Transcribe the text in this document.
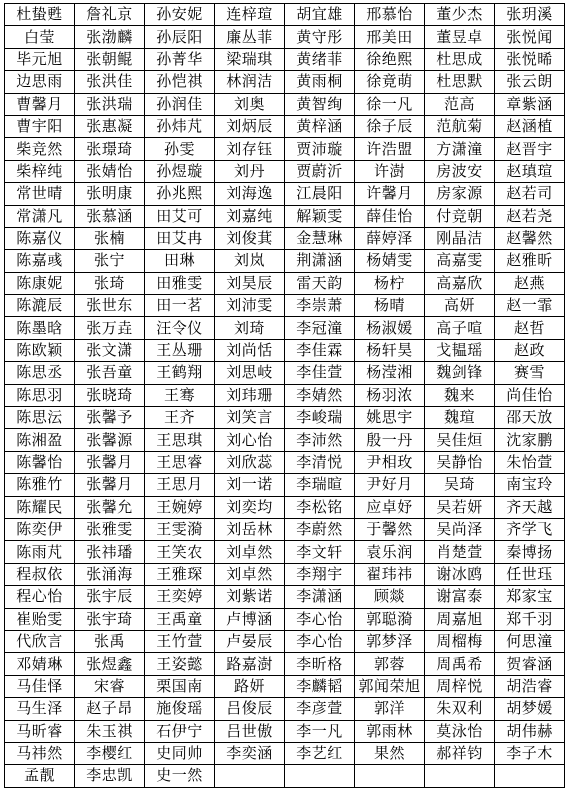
杜蛰甦	詹礼京	孙安妮	连梓瑄	胡宜雄	邢慕怡	董少杰	张玥溪
白莹	张渤麟	孙辰阳	廉丛菲	黄守彤	邢美田	董昱卓	张悦闻
毕元旭	张朝鲲	孙菁华	梁瑞琪	黄绪菲	徐绝熙	杜思成	张悦晞
边思雨	张洪佳	孙恺祺	林润洁	黄雨桐	徐竟萌	杜思默	张云朗
曹馨月	张洪瑞	孙润佳	刘奥	黄智绚	徐一凡	范高	章紫涵
曹宇阳	张惠凝	孙炜芃	刘炳辰	黄梓涵	徐子辰	范航菊	赵涵植
柴竞然	张璟琦	孙雯	刘存钰	贾沛璇	许浩盟	方潇潼	赵晋宇
柴梓纯	张婧怡	孙煜璇	刘丹	贾蔚沂	许澍	房波安	赵瑱瑄
常世晴	张明康	孙兆熙	刘海逸	江晨阳	许馨月	房家源	赵若司
常潇凡	张慕涵	田艾可	刘嘉纯	解颖雯	薛佳怡	付竞朝	赵若尧
陈嘉仪	张楠	田艾冉	刘俊萁	金慧琳	薛婷泽	刚晶洁	赵馨然
陈嘉彧	张宁	田琳	刘岚	荆潇涵	杨婧雯	高嘉雯	赵雅昕
陈康妮	张琦	田雅雯	刘昊辰	雷天韵	杨柠	高嘉欣	赵燕
陈漉辰	张世东	田一茗	刘沛雯	李崇萧	杨晴	高妍	赵一霏
陈墨晗	张万垚	汪令仪	刘琦	李冠潼	杨淑媛	高子喧	赵哲
陈欧颖	张文潇	王丛珊	刘尚恬	李佳霖	杨轩昊	戈韫瑶	赵政
陈思丞	张吾童	王鹤翔	刘思岐	李佳萱	杨滢湘	魏剑锋	赛雪
陈思羽	张晓琦	王骞	刘玮珊	李婧然	杨羽浓	魏来	尚佳怡
陈思沄	张馨予	王齐	刘笑言	李峻瑞	姚思宇	魏瑄	邵天放
陈湘盈	张馨源	王思琪	刘心怡	李沛然	殷一丹	吴佳烜	沈家鹏
陈馨怡	张馨月	王思睿	刘欣蕊	李清悦	尹相玫	吴静怡	朱怡萱
陈雅竹	张馨月	王思月	刘一诺	李瑞暄	尹好月	吴琦	南宝玲
陈耀民	张馨允	王婉婷	刘奕均	李松铭	应卓妤	吴若妍	齐天越
陈奕伊	张雅雯	王雯漪	刘岳林	李蔚然	于馨然	吴尚泽	齐学飞
陈雨芃	张祎璠	王笑农	刘卓然	李文轩	袁乐润	肖楚萱	秦博扬
程叔依	张涌海	王雅琛	刘卓然	李翔宇	翟玮祎	谢冰鸥	任世珏
程心怡	张宇辰	王奕婷	刘紫诺	李潇涵	顾燚	谢富泰	郑家宝
崔贻雯	张宇琦	王禹童	卢博涵	李心怡	郭聪漪	周嘉旭	郑千羽
代欣言	张禹	王竹萱	卢晏辰	李心怡	郭梦泽	周榴梅	何思潼
邓婧琳	张煜鑫	王姿懿	路嘉澍	李昕格	郭蓉	周禹希	贺睿涵
马佳怿	宋睿	栗国南	路妍	李麟韬	郭闻荣旭	周梓悦	胡浩睿
马生泽	赵子昂	施俊瑶	吕俊辰	李彦萱	郭洋	朱双利	胡梦媛
马昕睿	朱玉祺	石伊宁	吕世傲	李一凡	郭雨林	莫泳怡	胡伟赫
马祎然	李樱红	史同帅	李奕涵	李艺红	果然	郝祥钧	李子木
孟靓	李忠凯	史一然					
